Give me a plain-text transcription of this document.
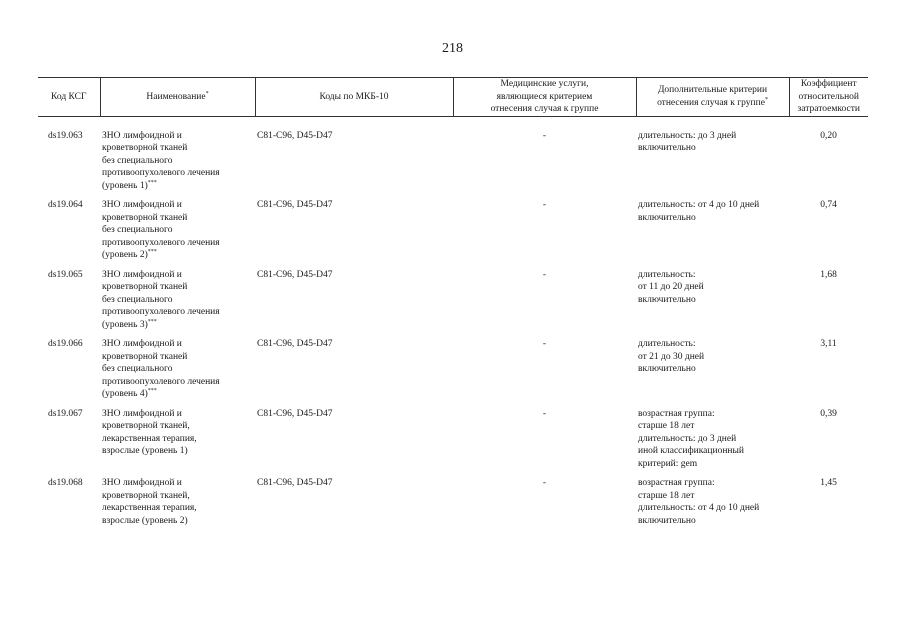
218
Код КСГ	Наименование*	Коды по МКБ-10	Медицинские услуги,
являющиеся критерием
отнесения случая к группе	Дополнительные критерии
отнесения случая к группе*	Коэффициент
относительной
затратоемкости

ds19.063	ЗНО лимфоидной и
кроветворной тканей
без специального
противоопухолевого лечения
(уровень 1)***	C81-C96, D45-D47	-	длительность: до 3 дней
включительно	0,20
ds19.064	ЗНО лимфоидной и
кроветворной тканей
без специального
противоопухолевого лечения
(уровень 2)***	C81-C96, D45-D47	-	длительность: от 4 до 10 дней
включительно	0,74
ds19.065	ЗНО лимфоидной и
кроветворной тканей
без специального
противоопухолевого лечения
(уровень 3)***	C81-C96, D45-D47	-	длительность:
от 11 до 20 дней
включительно	1,68
ds19.066	ЗНО лимфоидной и
кроветворной тканей
без специального
противоопухолевого лечения
(уровень 4)***	C81-C96, D45-D47	-	длительность:
от 21 до 30 дней
включительно	3,11
ds19.067	ЗНО лимфоидной и
кроветворной тканей,
лекарственная терапия,
взрослые (уровень 1)	C81-C96, D45-D47	-	возрастная группа:
старше 18 лет
длительность: до 3 дней
иной классификационный
критерий: gem	0,39
ds19.068	ЗНО лимфоидной и
кроветворной тканей,
лекарственная терапия,
взрослые (уровень 2)	C81-C96, D45-D47	-	возрастная группа:
старше 18 лет
длительность: от 4 до 10 дней
включительно	1,45
